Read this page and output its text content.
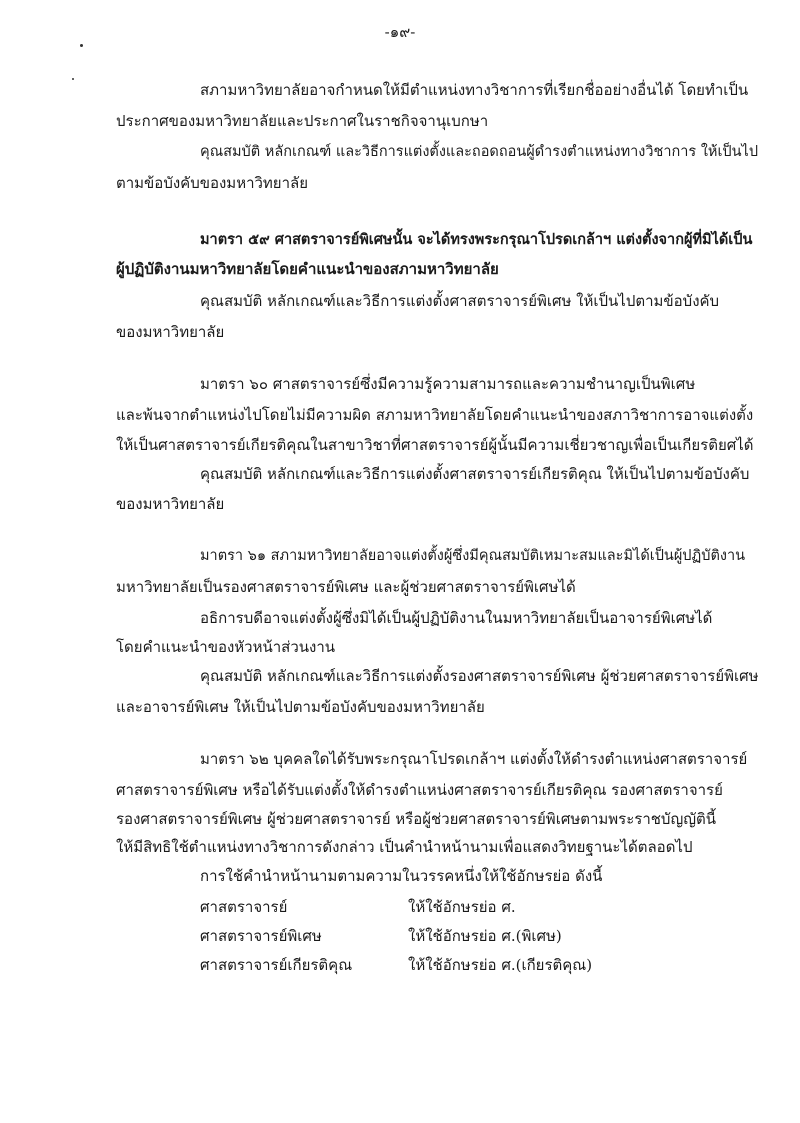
-๑๙-
สภามหาวิทยาลัยอาจกำหนดให้มีตำแหน่งทางวิชาการที่เรียกชื่ออย่างอื่นได้ โดยทำเป็น
ประกาศของมหาวิทยาลัยและประกาศในราชกิจจานุเบกษา
คุณสมบัติ หลักเกณฑ์ และวิธีการแต่งตั้งและถอดถอนผู้ดำรงตำแหน่งทางวิชาการ ให้เป็นไป
ตามข้อบังคับของมหาวิทยาลัย
มาตรา ๕๙ ศาสตราจารย์พิเศษนั้น จะได้ทรงพระกรุณาโปรดเกล้าฯ แต่งตั้งจากผู้ที่มิได้เป็น
ผู้ปฏิบัติงานมหาวิทยาลัยโดยคำแนะนำของสภามหาวิทยาลัย
คุณสมบัติ หลักเกณฑ์และวิธีการแต่งตั้งศาสตราจารย์พิเศษ ให้เป็นไปตามข้อบังคับ
ของมหาวิทยาลัย
มาตรา ๖๐ ศาสตราจารย์ซึ่งมีความรู้ความสามารถและความชำนาญเป็นพิเศษ
และพ้นจากตำแหน่งไปโดยไม่มีความผิด สภามหาวิทยาลัยโดยคำแนะนำของสภาวิชาการอาจแต่งตั้ง
ให้เป็นศาสตราจารย์เกียรติคุณในสาขาวิชาที่ศาสตราจารย์ผู้นั้นมีความเชี่ยวชาญเพื่อเป็นเกียรติยศได้
คุณสมบัติ หลักเกณฑ์และวิธีการแต่งตั้งศาสตราจารย์เกียรติคุณ ให้เป็นไปตามข้อบังคับ
ของมหาวิทยาลัย
มาตรา ๖๑ สภามหาวิทยาลัยอาจแต่งตั้งผู้ซึ่งมีคุณสมบัติเหมาะสมและมิได้เป็นผู้ปฏิบัติงาน
มหาวิทยาลัยเป็นรองศาสตราจารย์พิเศษ และผู้ช่วยศาสตราจารย์พิเศษได้
อธิการบดีอาจแต่งตั้งผู้ซึ่งมิได้เป็นผู้ปฏิบัติงานในมหาวิทยาลัยเป็นอาจารย์พิเศษได้
โดยคำแนะนำของหัวหน้าส่วนงาน
คุณสมบัติ หลักเกณฑ์และวิธีการแต่งตั้งรองศาสตราจารย์พิเศษ ผู้ช่วยศาสตราจารย์พิเศษ
และอาจารย์พิเศษ ให้เป็นไปตามข้อบังคับของมหาวิทยาลัย
มาตรา ๖๒ บุคคลใดได้รับพระกรุณาโปรดเกล้าฯ แต่งตั้งให้ดำรงตำแหน่งศาสตราจารย์
ศาสตราจารย์พิเศษ หรือได้รับแต่งตั้งให้ดำรงตำแหน่งศาสตราจารย์เกียรติคุณ รองศาสตราจารย์
รองศาสตราจารย์พิเศษ ผู้ช่วยศาสตราจารย์ หรือผู้ช่วยศาสตราจารย์พิเศษตามพระราชบัญญัตินี้
ให้มีสิทธิใช้ตำแหน่งทางวิชาการดังกล่าว เป็นคำนำหน้านามเพื่อแสดงวิทยฐานะได้ตลอดไป
การใช้คำนำหน้านามตามความในวรรคหนึ่งให้ใช้อักษรย่อ ดังนี้
ศาสตราจารย์	ให้ใช้อักษรย่อ ศ.
ศาสตราจารย์พิเศษ	ให้ใช้อักษรย่อ ศ.(พิเศษ)
ศาสตราจารย์เกียรติคุณ	ให้ใช้อักษรย่อ ศ.(เกียรติคุณ)
